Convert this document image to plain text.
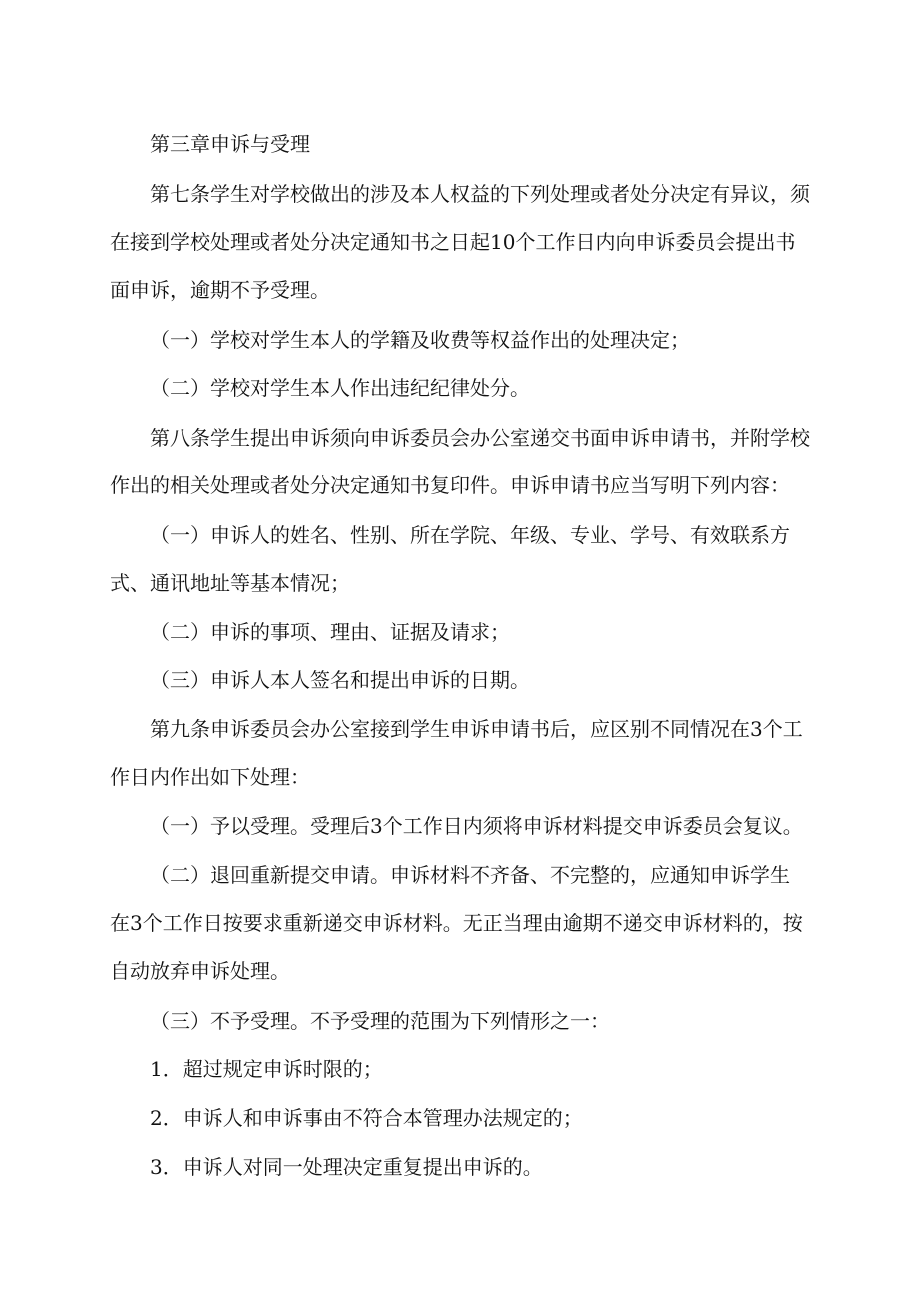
第三章申诉与受理
第七条学生对学校做出的涉及本人权益的下列处理或者处分决定有异议，须
在接到学校处理或者处分决定通知书之日起10个工作日内向申诉委员会提出书
面申诉，逾期不予受理。
（一）学校对学生本人的学籍及收费等权益作出的处理决定；
（二）学校对学生本人作出违纪纪律处分。
第八条学生提出申诉须向申诉委员会办公室递交书面申诉申请书，并附学校
作出的相关处理或者处分决定通知书复印件。申诉申请书应当写明下列内容：
（一）申诉人的姓名、性别、所在学院、年级、专业、学号、有效联系方
式、通讯地址等基本情况；
（二）申诉的事项、理由、证据及请求；
（三）申诉人本人签名和提出申诉的日期。
第九条申诉委员会办公室接到学生申诉申请书后，应区别不同情况在3个工
作日内作出如下处理：
（一）予以受理。受理后3个工作日内须将申诉材料提交申诉委员会复议。
（二）退回重新提交申请。申诉材料不齐备、不完整的，应通知申诉学生
在3个工作日按要求重新递交申诉材料。无正当理由逾期不递交申诉材料的，按
自动放弃申诉处理。
（三）不予受理。不予受理的范围为下列情形之一：
1．超过规定申诉时限的；
2．申诉人和申诉事由不符合本管理办法规定的；
3．申诉人对同一处理决定重复提出申诉的。
